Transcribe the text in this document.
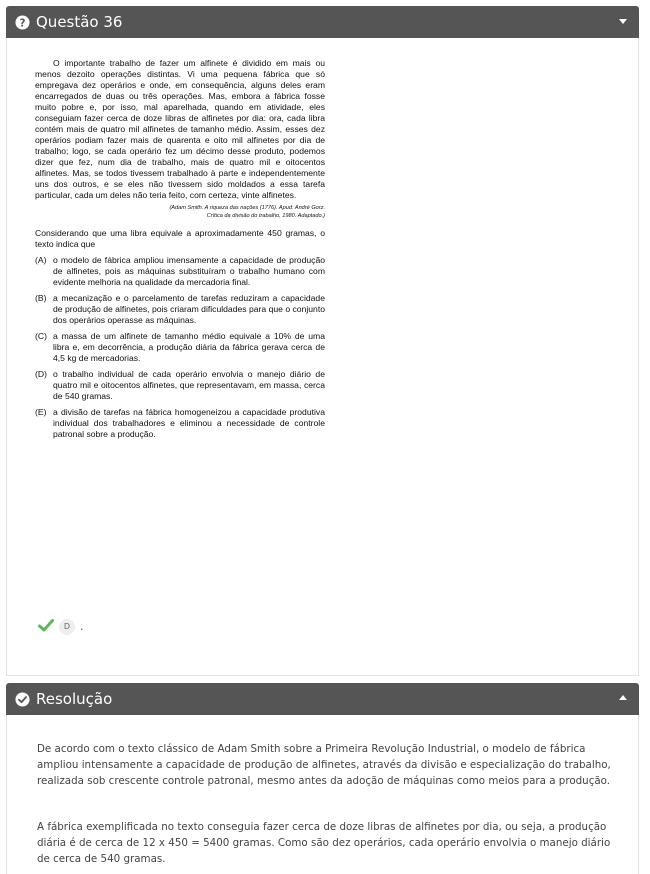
? Questão 36

O importante trabalho de fazer um alfinete é dividido em mais ou menos dezoito operações distintas. Vi uma pequena fábrica que só empregava dez operários e onde, em consequência, alguns deles eram encarregados de duas ou três operações. Mas, embora a fábrica fosse muito pobre e, por isso, mal aparelhada, quando em atividade, eles conseguiam fazer cerca de doze libras de alfinetes por dia: ora, cada libra contém mais de quatro mil alfinetes de tamanho médio. Assim, esses dez operários podiam fazer mais de quarenta e oito mil alfinetes por dia de trabalho; logo, se cada operário fez um décimo desse produto, podemos dizer que fez, num dia de trabalho, mais de quatro mil e oitocentos alfinetes. Mas, se todos tivessem trabalhado à parte e independentemente uns dos outros, e se eles não tivessem sido moldados a essa tarefa particular, cada um deles não teria feito, com certeza, vinte alfinetes.

(Adam Smith. A riqueza das nações (1776). Apud: André Gorz.

Crítica da divisão do trabalho, 1980. Adaptado.)

Considerando que uma libra equivale a aproximadamente 450 gramas, o texto indica que

(A) o modelo de fábrica ampliou imensamente a capacidade de produção de alfinetes, pois as máquinas substituíram o trabalho humano com evidente melhoria na qualidade da mercadoria final.
(B) a mecanização e o parcelamento de tarefas reduziram a capacidade de produção de alfinetes, pois criaram dificuldades para que o conjunto dos operários operasse as máquinas.
(C) a massa de um alfinete de tamanho médio equivale a 10% de uma libra e, em decorrência, a produção diária da fábrica gerava cerca de 4,5 kg de mercadorias.
(D) o trabalho individual de cada operário envolvia o manejo diário de quatro mil e oitocentos alfinetes, que representavam, em massa, cerca de 540 gramas.
(E) a divisão de tarefas na fábrica homogeneizou a capacidade produtiva individual dos trabalhadores e eliminou a necessidade de controle patronal sobre a produção.
D .
Resolução
De acordo com o texto clássico de Adam Smith sobre a Primeira Revolução Industrial, o modelo de fábrica ampliou intensamente a capacidade de produção de alfinetes, através da divisão e especialização do trabalho, realizada sob crescente controle patronal, mesmo antes da adoção de máquinas como meios para a produção.
A fábrica exemplificada no texto conseguia fazer cerca de doze libras de alfinetes por dia, ou seja, a produção diária é de cerca de 12 x 450 = 5400 gramas. Como são dez operários, cada operário envolvia o manejo diário de cerca de 540 gramas.
